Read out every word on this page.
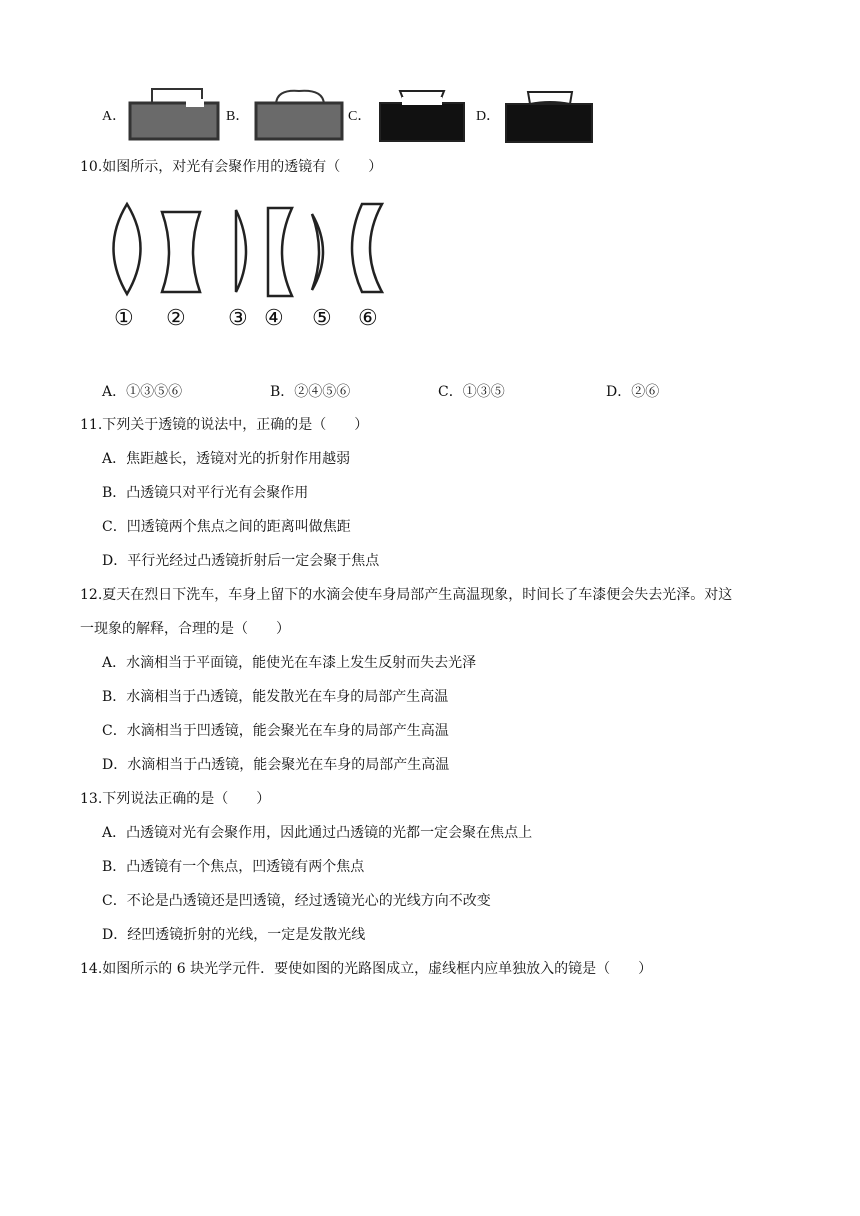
A．	B．	C．	D．
10.如图所示，对光有会聚作用的透镜有（　　）
① ② ③ ④ ⑤ ⑥
A．①③⑤⑥	B．②④⑤⑥	C．①③⑤	D．②⑥
11.下列关于透镜的说法中，正确的是（　　）
A．焦距越长，透镜对光的折射作用越弱
B．凸透镜只对平行光有会聚作用
C．凹透镜两个焦点之间的距离叫做焦距
D．平行光经过凸透镜折射后一定会聚于焦点
12.夏天在烈日下洗车，车身上留下的水滴会使车身局部产生高温现象，时间长了车漆便会失去光泽。对这
一现象的解释，合理的是（　　）
A．水滴相当于平面镜，能使光在车漆上发生反射而失去光泽
B．水滴相当于凸透镜，能发散光在车身的局部产生高温
C．水滴相当于凹透镜，能会聚光在车身的局部产生高温
D．水滴相当于凸透镜，能会聚光在车身的局部产生高温
13.下列说法正确的是（　　）
A．凸透镜对光有会聚作用，因此通过凸透镜的光都一定会聚在焦点上
B．凸透镜有一个焦点，凹透镜有两个焦点
C．不论是凸透镜还是凹透镜，经过透镜光心的光线方向不改变
D．经凹透镜折射的光线，一定是发散光线
14.如图所示的 6 块光学元件．要使如图的光路图成立，虚线框内应单独放入的镜是（　　）
